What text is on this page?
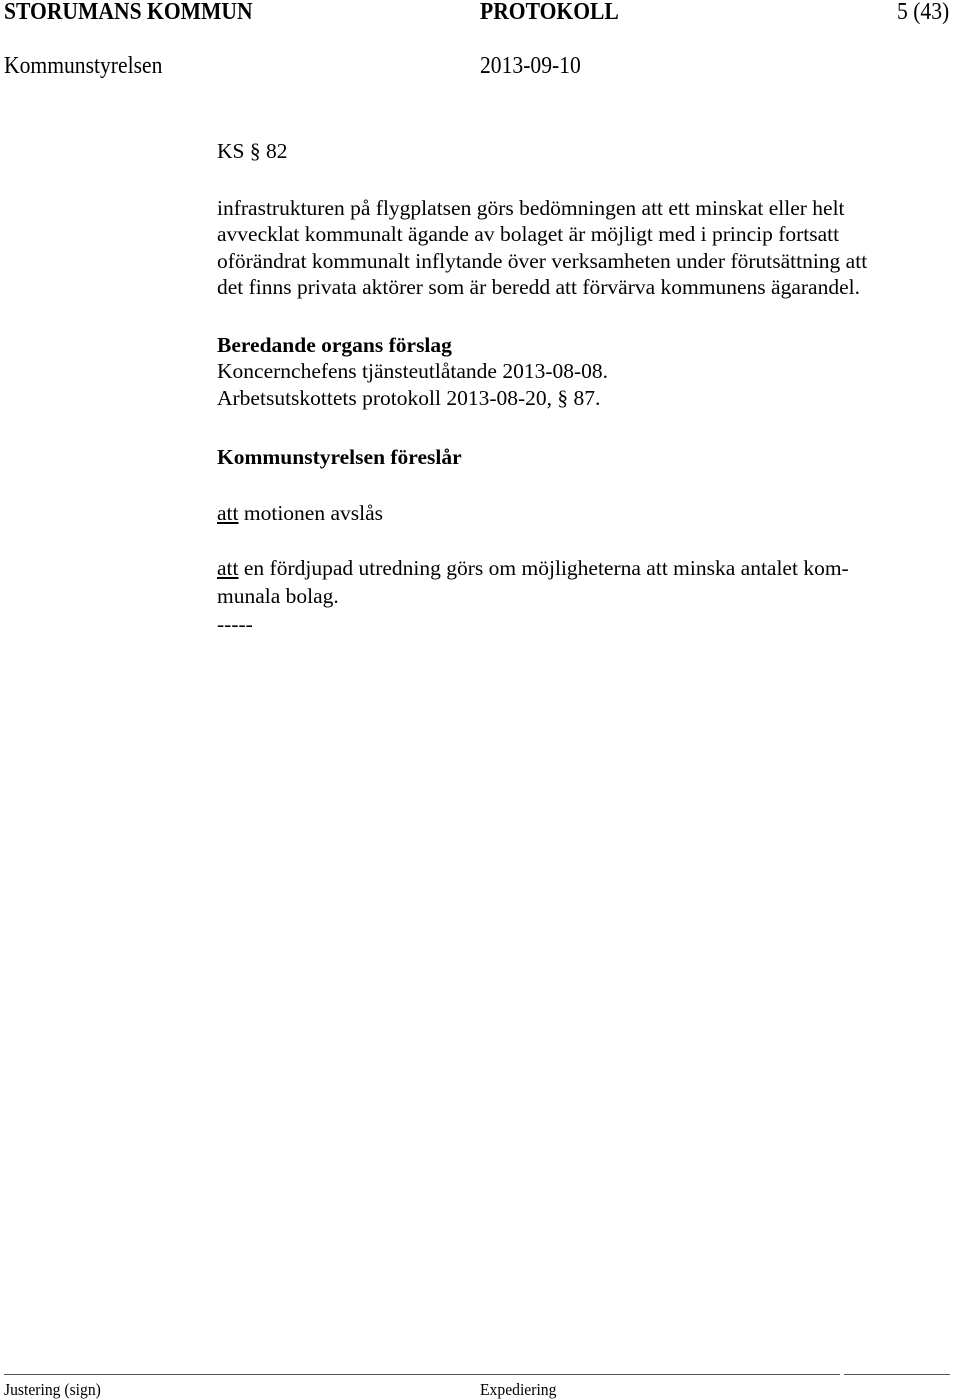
STORUMANS KOMMUN	PROTOKOLL	5 (43)
Kommunstyrelsen	2013-09-10
KS § 82
infrastrukturen på flygplatsen görs bedömningen att ett minskat eller helt
avvecklat kommunalt ägande av bolaget är möjligt med i princip fortsatt
oförändrat kommunalt inflytande över verksamheten under förutsättning att
det finns privata aktörer som är beredd att förvärva kommunens ägarandel.
Beredande organs förslag
Koncernchefens tjänsteutlåtande 2013-08-08.
Arbetsutskottets protokoll 2013-08-20, § 87.
Kommunstyrelsen föreslår
att motionen avslås
att en fördjupad utredning görs om möjligheterna att minska antalet kom-
munala bolag.
-----
Justering (sign)	Expediering
